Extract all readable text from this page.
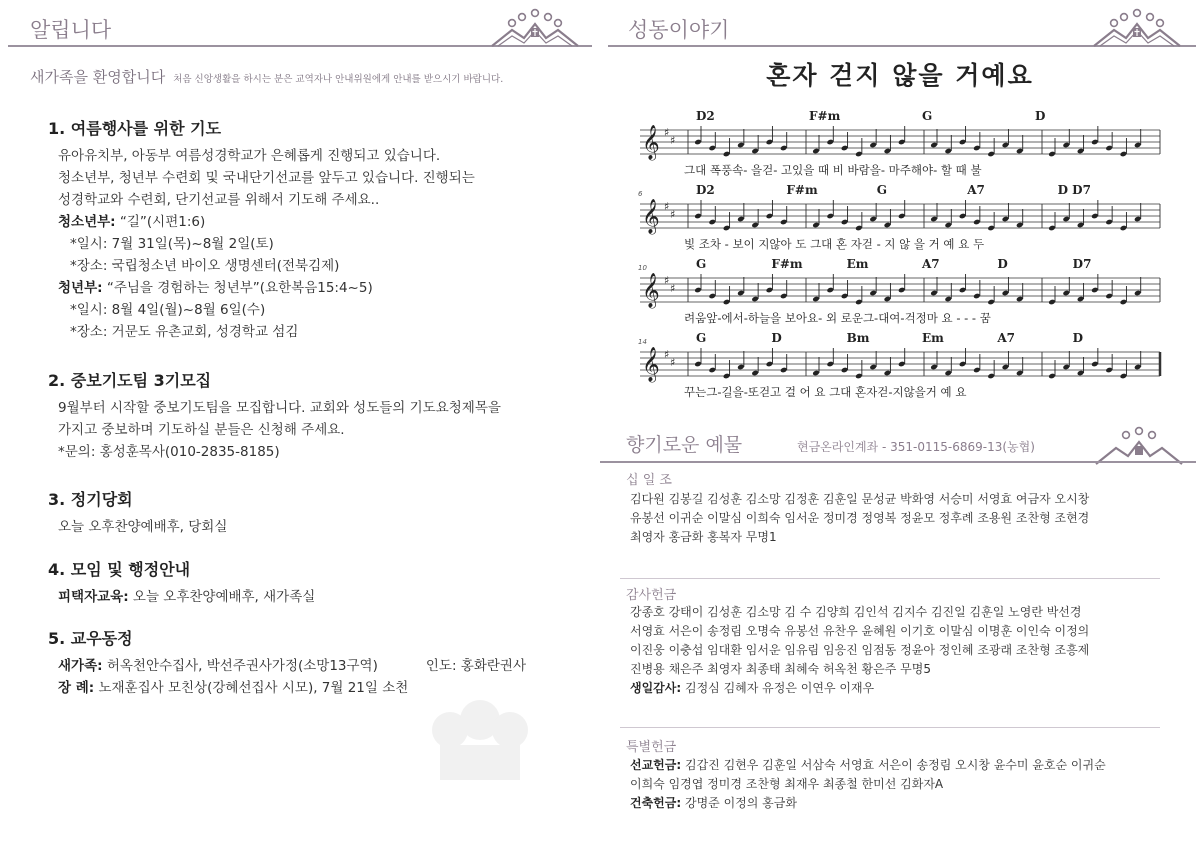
알립니다
새가족을 환영합니다 처음 신앙생활을 하시는 분은 교역자나 안내위원에게 안내를 받으시기 바랍니다.
1. 여름행사를 위한 기도
유아유치부, 아동부 여름성경학교가 은혜롭게 진행되고 있습니다.
청소년부, 청년부 수련회 및 국내단기선교를 앞두고 있습니다. 진행되는
성경학교와 수련회, 단기선교를 위해서 기도해 주세요..
청소년부: “길”(시편1:6)
*일시: 7월 31일(목)~8월 2일(토)
*장소: 국립청소년 바이오 생명센터(전북김제)
청년부: “주님을 경험하는 청년부”(요한복음15:4~5)
*일시: 8월 4일(월)~8월 6일(수)
*장소: 거문도 유촌교회, 성경학교 섬김
2. 중보기도팀 3기모집
9월부터 시작할 중보기도팀을 모집합니다. 교회와 성도들의 기도요청제목을
가지고 중보하며 기도하실 분들은 신청해 주세요.
*문의: 홍성훈목사(010-2835-8185)
3. 정기당회
오늘 오후찬양예배후, 당회실
4. 모임 및 행정안내
피택자교육: 오늘 오후찬양예배후, 새가족실
5. 교우동정
새가족: 허옥천안수집사, 박선주권사가정(소망13구역)	인도: 홍화란권사
장 례: 노재훈집사 모친상(강혜선집사 시모), 7월 21일 소천
성동이야기
혼자 걷지 않을 거예요
𝄞 ♯
♯
D2	F#m	G	D
그대 폭풍속- 을걷- 고있을 때 비 바람을- 마주해야- 할 때 불
𝄞 ♯
♯
6	D2	F#m	G	A7	D D7
빛 조차 - 보이 지않아 도 그대 혼 자걷 - 지 않 을 거 예 요 두
𝄞 ♯
♯
10	G	F#m	Em	A7	D	D7
려움앞-에서-하늘을 보아요- 외 로운그-대여-걱정마 요 - - - 꿈
𝄞 ♯
♯
14	G	D	Bm	Em	A7	D
꾸는그-길을-또걷고 걸 어 요 그대 혼자걷-지않을거 예 요
향기로운 예물	현금온라인계좌 - 351-0115-6869-13(농협)
십 일 조
김다원 김봉길 김성훈 김소망 김정훈 김훈일 문성균 박화영 서승미 서영효 여금자 오시창
유봉선 이귀순 이말심 이희숙 임서운 정미경 정영복 정윤모 정후례 조용원 조찬형 조현경
최영자 홍금화 홍복자 무명1
감사헌금
강종호 강태이 김성훈 김소망 김 수 김양희 김인석 김지수 김진일 김훈일 노영란 박선경
서영효 서은이 송정림 오명숙 유봉선 유찬우 윤혜원 이기호 이말심 이명훈 이인숙 이정의
이진웅 이충섭 임대환 임서운 임유림 임응진 임점동 정윤아 정인혜 조광래 조찬형 조흥제
진병용 채은주 최영자 최종태 최혜숙 허옥천 황은주 무명5
생일감사: 김정심 김혜자 유정은 이연우 이재우
특별헌금
선교헌금: 김갑진 김현우 김훈일 서삼숙 서영효 서은이 송정림 오시창 윤수미 윤호순 이귀순
이희숙 임경엽 정미경 조찬형 최재우 최종철 한미선 김화자A
건축헌금: 강명준 이정의 홍금화
